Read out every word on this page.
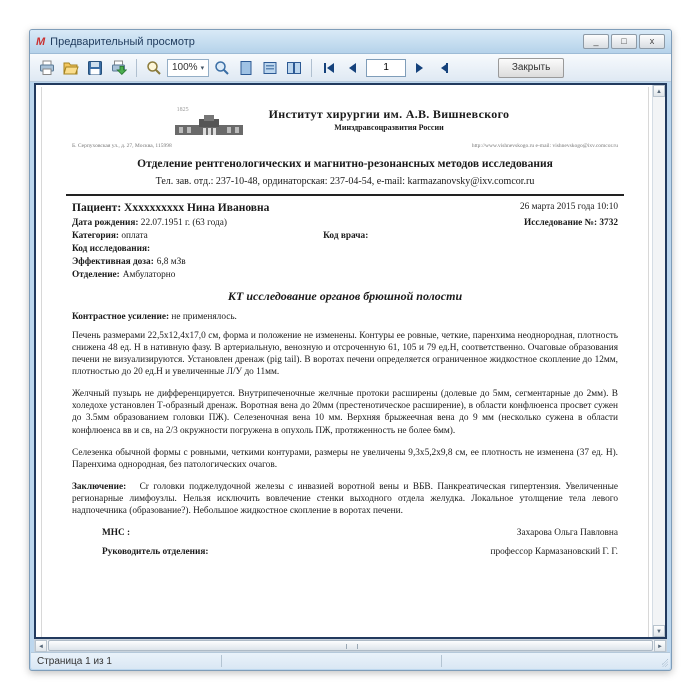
M Предварительный просмотр	_	□	x
100% ▾
1	Закрыть
1825	Институт хирургии им. А.В. Вишневского
Минздравсоцразвития России
Б. Серпуховская ул., д. 27, Москва, 115998	http://www.vishnevskogo.ru e-mail: vishnevskogo@ixv.comcor.ru
Отделение рентгенологических и магнитно-резонансных методов исследования
Тел. зав. отд.: 237-10-48, ординаторская: 237-04-54, e-mail: karmazanovsky@ixv.comcor.ru
Пациент: Xxxxxxxxxx Нина Ивановна	26 марта 2015 года 10:10
Дата рождения: 22.07.1951 г. (63 года)	Исследование №: 3732
Категория: оплата	Код врача:
Код исследования:
Эффективная доза: 6,8 мЗв
Отделение: Амбулаторно
КТ исследование органов брюшной полости
Контрастное усиление: не применялось.

Печень размерами 22,5х12,4х17,0 см, форма и положение не изменены. Контуры ее ровные, четкие, паренхима неоднородная, плотность снижена 48 ед. Н в нативную фазу. В артериальную, венозную и отсроченную 61, 105 и 79 ед.Н, соответственно. Очаговые образования печени не визуализируются. Установлен дренаж (pig tail). В воротах печени определяется ограниченное жидкостное скопление до 12мм, плотностью до 20 ед.Н и увеличенные Л/У до 11мм.

Желчный пузырь не дифференцируется. Внутрипеченочные желчные протоки расширены (долевые до 5мм, сегментарные до 2мм). В холедохе установлен Т-образный дренаж. Воротная вена до 20мм (престенотическое расширение), в области конфлюенса просвет сужен до 3.5мм образованием головки ПЖ). Селезеночная вена 10 мм. Верхняя брыжеечная вена до 9 мм (несколько сужена в области конфлюенса вв и св, на 2/3 окружности погружена в опухоль ПЖ, протяженность не более 6мм).

Селезенка обычной формы с ровными, четкими контурами, размеры не увеличены 9,3х5,2х9,8 см, ее плотность не изменена (37 ед. Н). Паренхима однородная, без патологических очагов.

Заключение: Cr головки поджелудочной железы с инвазией воротной вены и ВБВ. Панкреатическая гипертензия. Увеличенные регионарные лимфоузлы. Нельзя исключить вовлечение стенки выходного отдела желудка. Локальное утолщение тела левого надпочечника (образование?). Небольшое жидкостное скопление в воротах печени.

МНС :	Захарова Ольга Павловна
Руководитель отделения:	профессор Кармазановский Г. Г.
▲
▼
◄	►
Страница 1 из 1
